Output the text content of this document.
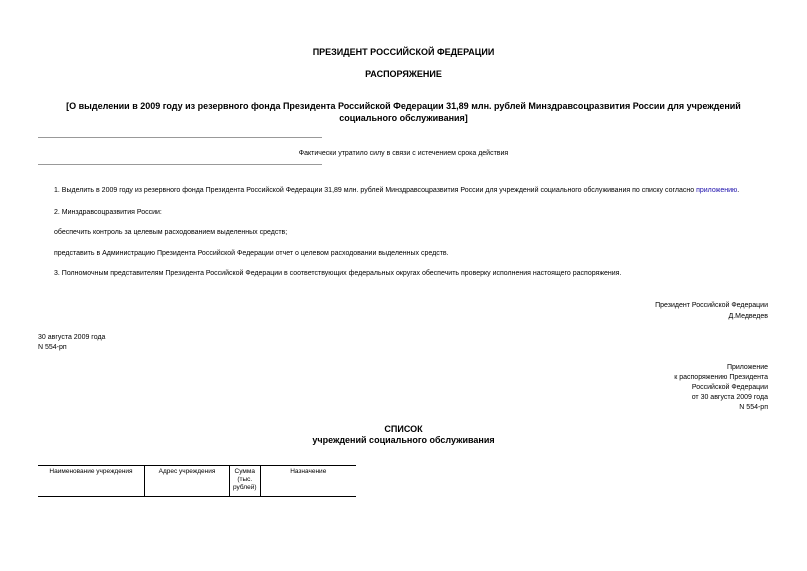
ПРЕЗИДЕНТ РОССИЙСКОЙ ФЕДЕРАЦИИ
РАСПОРЯЖЕНИЕ
[О выделении в 2009 году из резервного фонда Президента Российской Федерации 31,89 млн. рублей Минздравсоцразвития России для учреждений социального обслуживания]
Фактически утратило силу в связи с истечением срока действия
1. Выделить в 2009 году из резервного фонда Президента Российской Федерации 31,89 млн. рублей Минздравсоцразвития России для учреждений социального обслуживания по списку согласно приложению.
2. Минздравсоцразвития России:
обеспечить контроль за целевым расходованием выделенных средств;
представить в Администрацию Президента Российской Федерации отчет о целевом расходовании выделенных средств.
3. Полномочным представителям Президента Российской Федерации в соответствующих федеральных округах обеспечить проверку исполнения настоящего распоряжения.
Президент Российской Федерации
Д.Медведев
30 августа 2009 года
N 554-рп
Приложение
к распоряжению Президента
Российской Федерации
от 30 августа 2009 года
N 554-рп
СПИСОК
учреждений социального обслуживания
Наименование учреждения	Адрес учреждения	Сумма (тыс. рублей)	Назначение
